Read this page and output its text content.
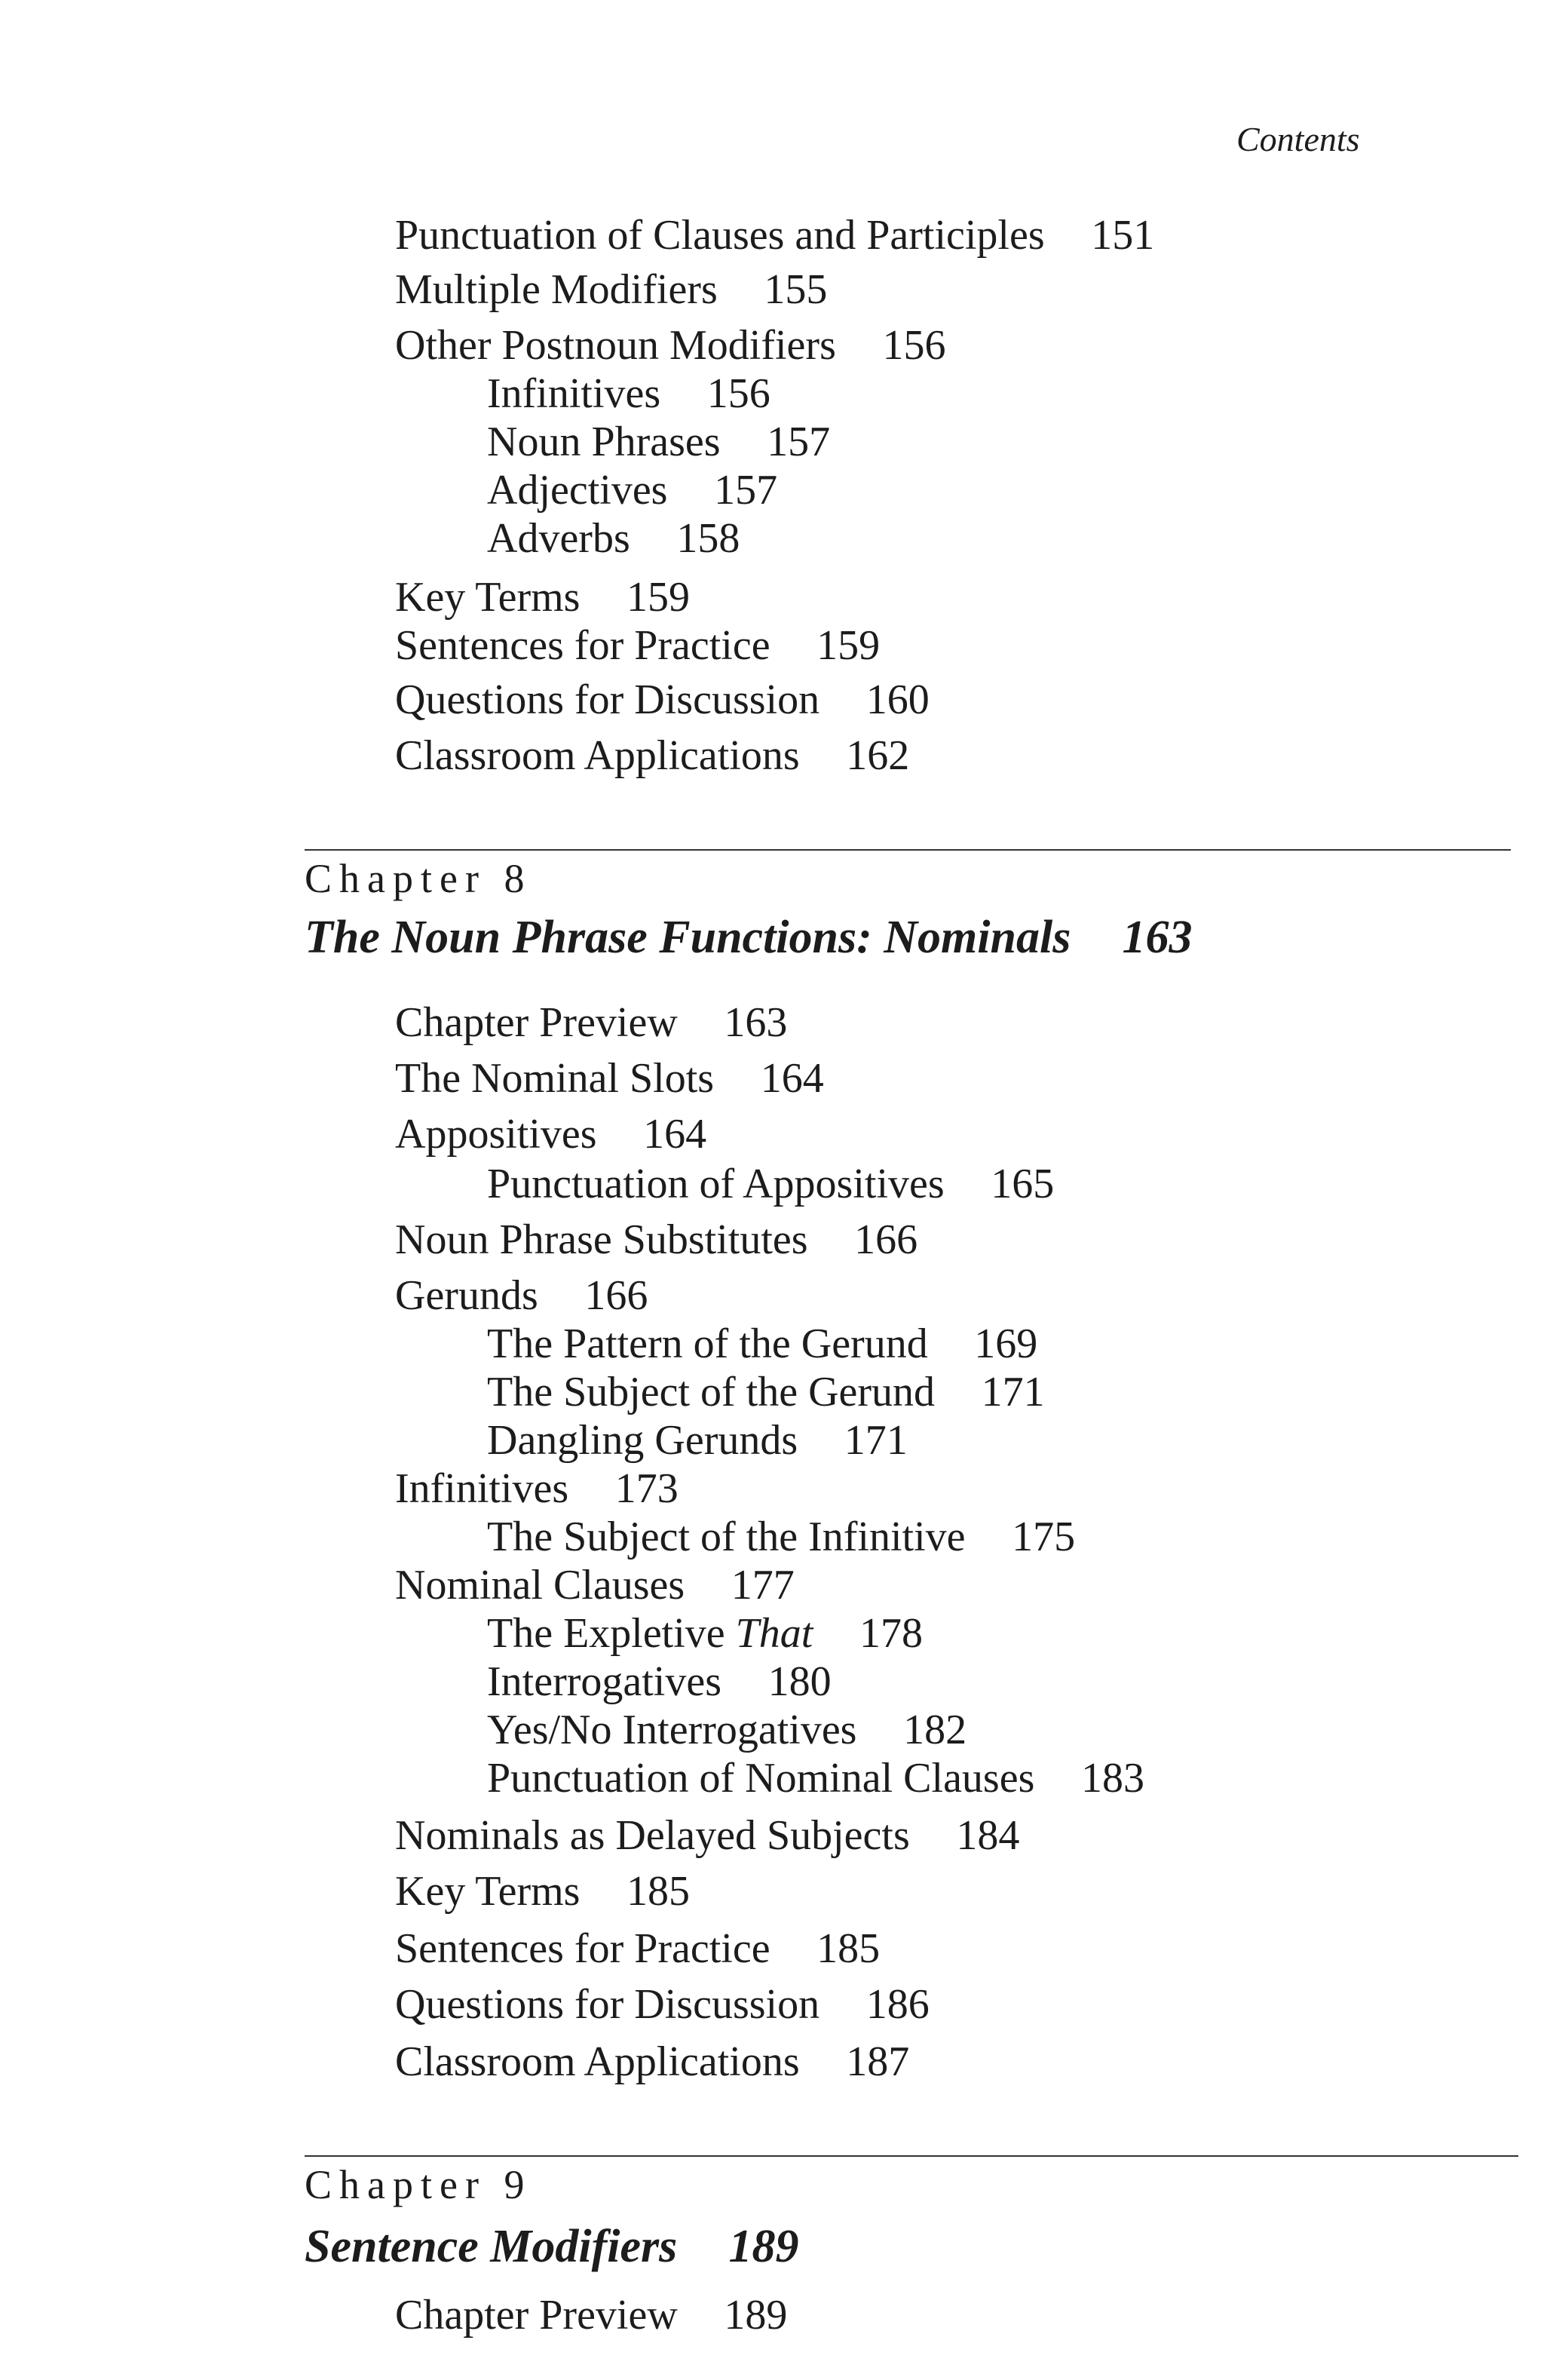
Contents
Punctuation of Clauses and Participles 151
Multiple Modifiers 155
Other Postnoun Modifiers 156
Infinitives 156
Noun Phrases 157
Adjectives 157
Adverbs 158
Key Terms 159
Sentences for Practice 159
Questions for Discussion 160
Classroom Applications 162
Chapter 8
The Noun Phrase Functions: Nominals 163
Chapter Preview 163
The Nominal Slots 164
Appositives 164
Punctuation of Appositives 165
Noun Phrase Substitutes 166
Gerunds 166
The Pattern of the Gerund 169
The Subject of the Gerund 171
Dangling Gerunds 171
Infinitives 173
The Subject of the Infinitive 175
Nominal Clauses 177
The Expletive That 178
Interrogatives 180
Yes/No Interrogatives 182
Punctuation of Nominal Clauses 183
Nominals as Delayed Subjects 184
Key Terms 185
Sentences for Practice 185
Questions for Discussion 186
Classroom Applications 187
Chapter 9
Sentence Modifiers 189
Chapter Preview 189
